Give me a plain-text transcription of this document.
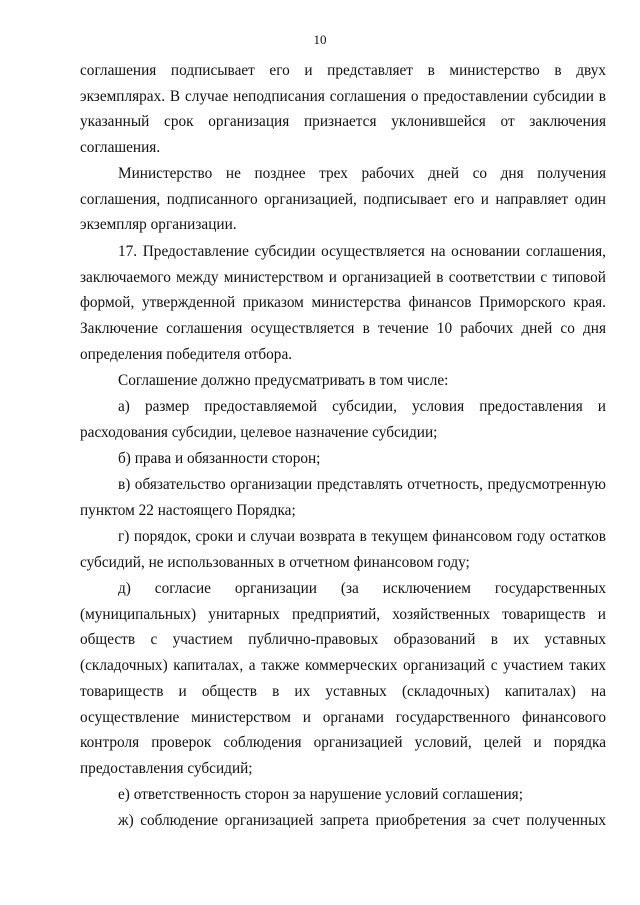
10

соглашения подписывает его и представляет в министерство в двух экземплярах. В случае неподписания соглашения о предоставлении субсидии в указанный срок организация признается уклонившейся от заключения соглашения.

Министерство не позднее трех рабочих дней со дня получения соглашения, подписанного организацией, подписывает его и направляет один экземпляр организации.

17. Предоставление субсидии осуществляется на основании соглашения, заключаемого между министерством и организацией в соответствии с типовой формой, утвержденной приказом министерства финансов Приморского края. Заключение соглашения осуществляется в течение 10 рабочих дней со дня определения победителя отбора.

Соглашение должно предусматривать в том числе:

а) размер предоставляемой субсидии, условия предоставления и расходования субсидии, целевое назначение субсидии;

б) права и обязанности сторон;

в) обязательство организации представлять отчетность, предусмотренную пунктом 22 настоящего Порядка;

г) порядок, сроки и случаи возврата в текущем финансовом году остатков субсидий, не использованных в отчетном финансовом году;

д) согласие организации (за исключением государственных (муниципальных) унитарных предприятий, хозяйственных товариществ и обществ с участием публично-правовых образований в их уставных (складочных) капиталах, а также коммерческих организаций с участием таких товариществ и обществ в их уставных (складочных) капиталах) на осуществление министерством и органами государственного финансового контроля проверок соблюдения организацией условий, целей и порядка предоставления субсидий;

е) ответственность сторон за нарушение условий соглашения;

ж) соблюдение организацией запрета приобретения за счет полученных
